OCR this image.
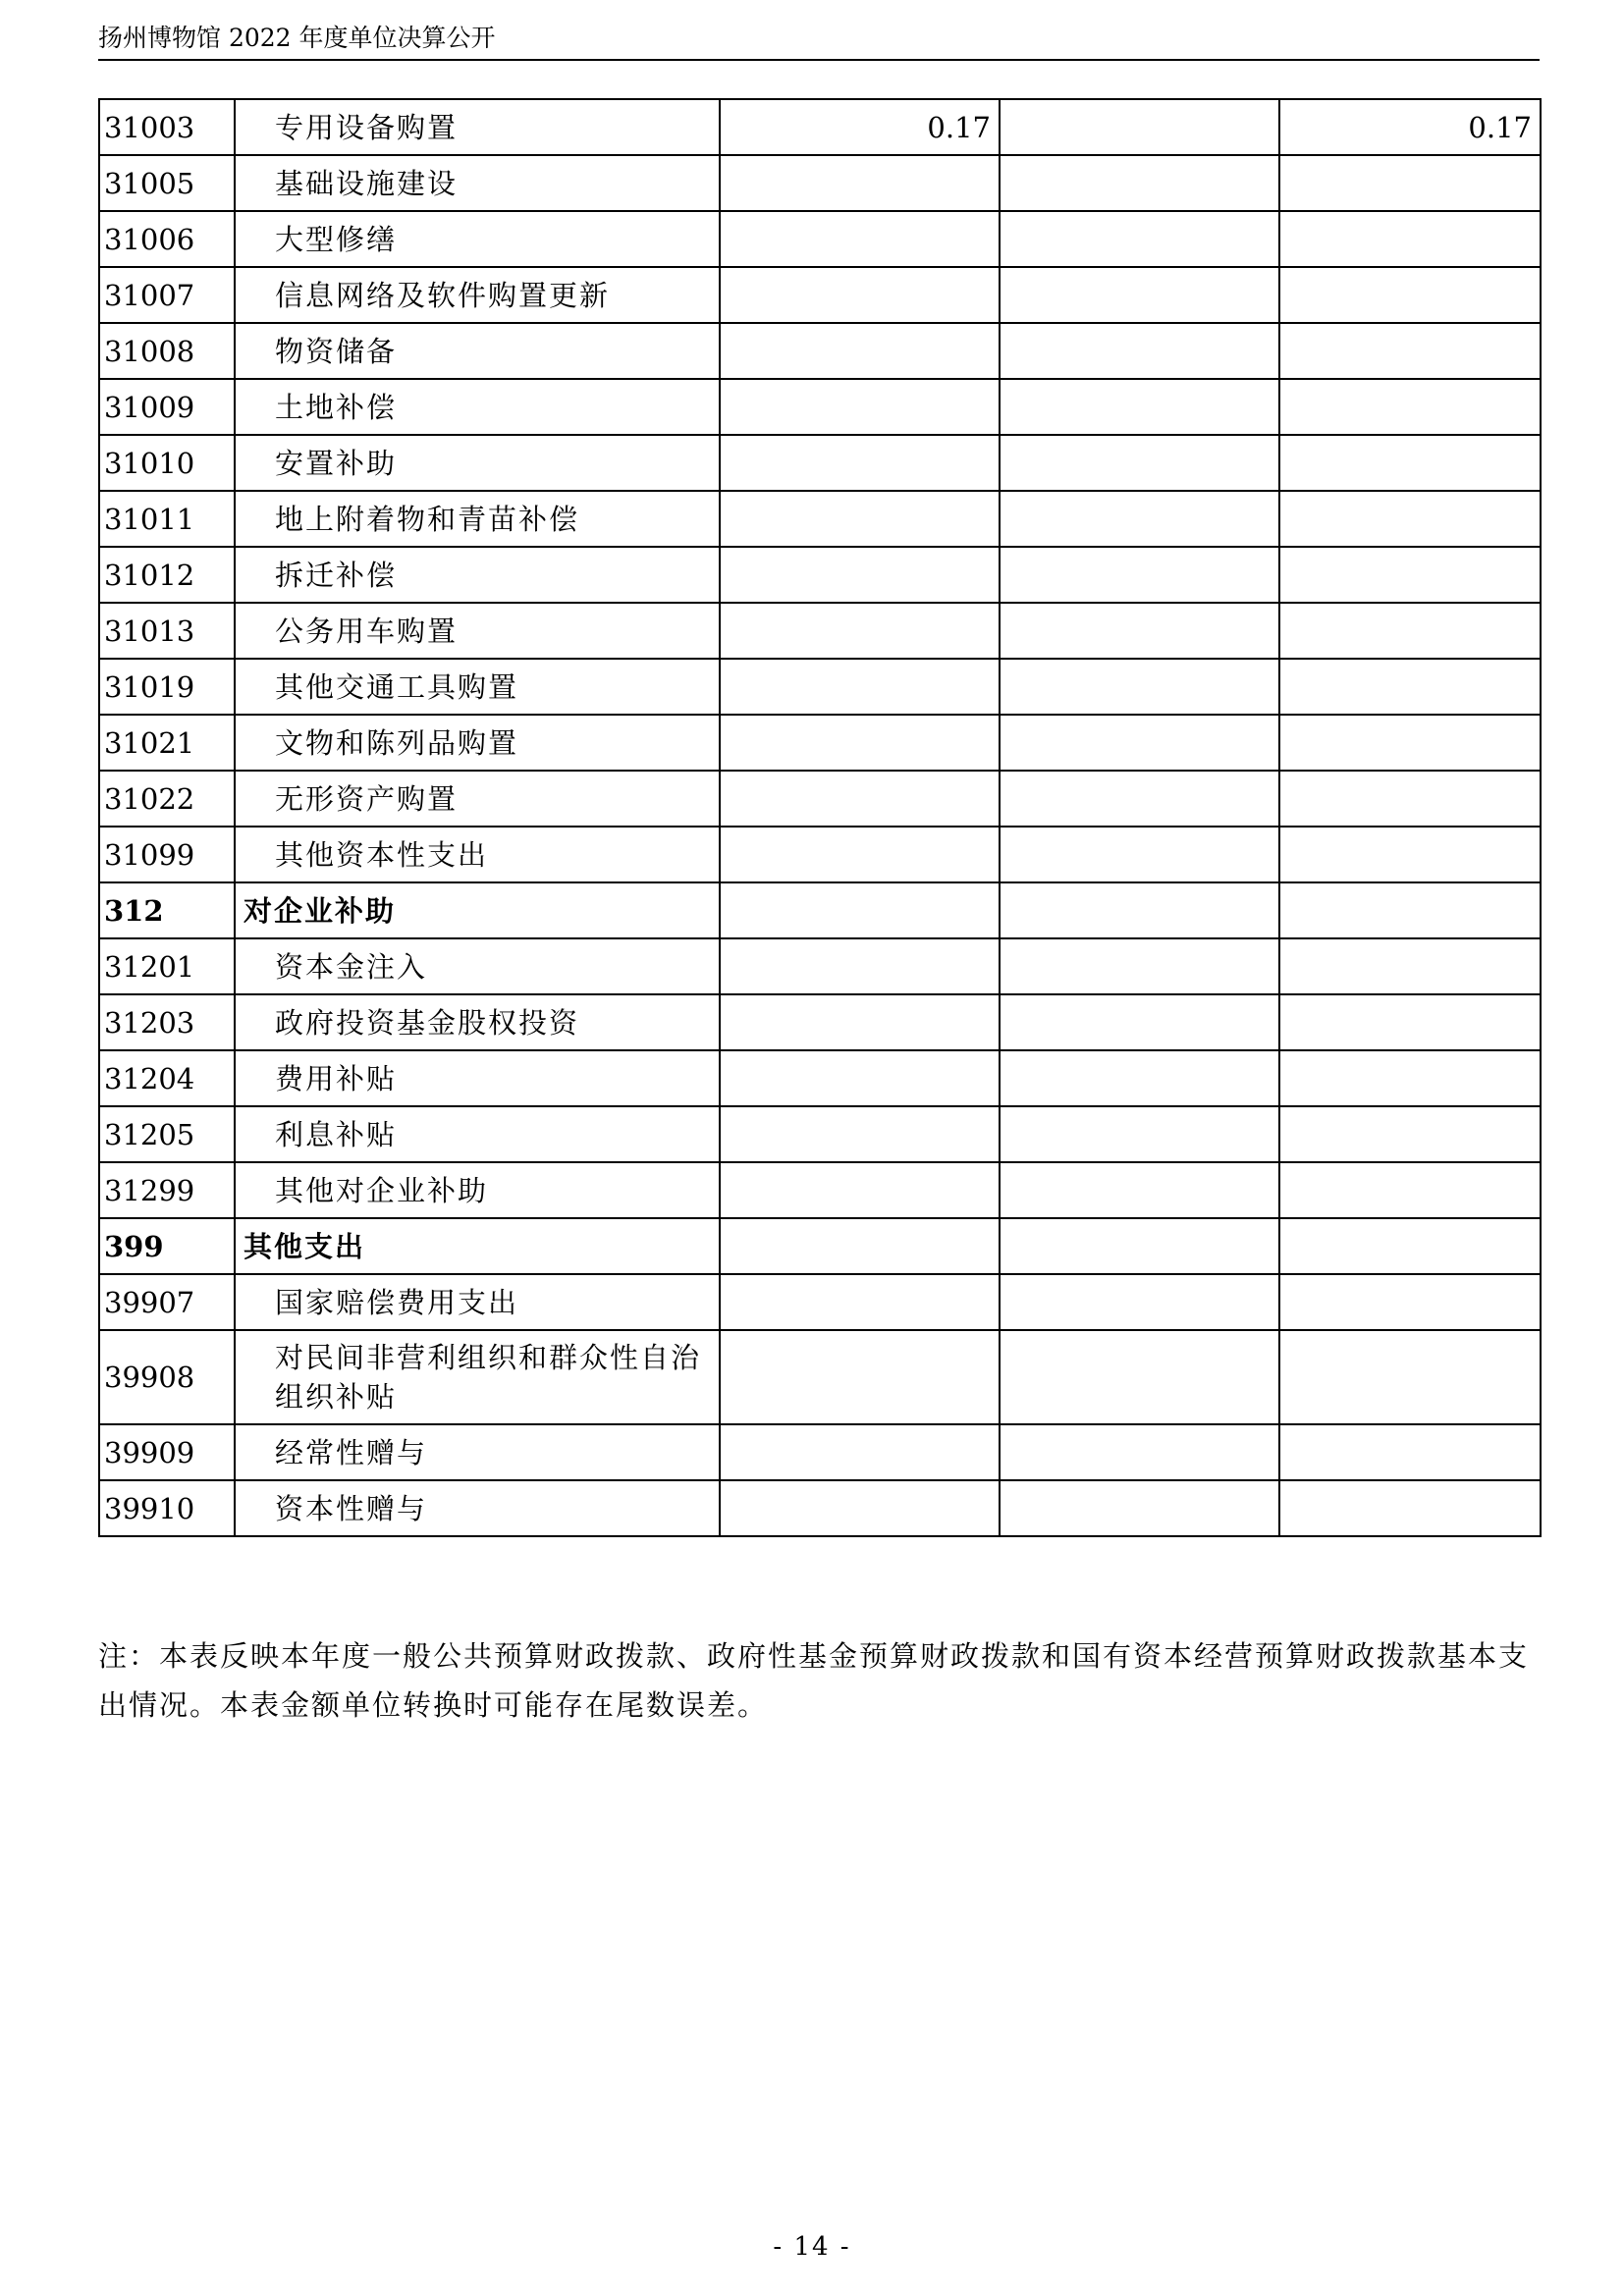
扬州博物馆 2022 年度单位决算公开
31003	专用设备购置	0.17		0.17
31005	基础设施建设			
31006	大型修缮			
31007	信息网络及软件购置更新			
31008	物资储备			
31009	土地补偿			
31010	安置补助			
31011	地上附着物和青苗补偿			
31012	拆迁补偿			
31013	公务用车购置			
31019	其他交通工具购置			
31021	文物和陈列品购置			
31022	无形资产购置			
31099	其他资本性支出			
312	对企业补助			
31201	资本金注入			
31203	政府投资基金股权投资			
31204	费用补贴			
31205	利息补贴			
31299	其他对企业补助			
399	其他支出			
39907	国家赔偿费用支出			
39908	对民间非营利组织和群众性自治组织补贴			
39909	经常性赠与			
39910	资本性赠与			
注：本表反映本年度一般公共预算财政拨款、政府性基金预算财政拨款和国有资本经营预算财政拨款基本支出情况。本表金额单位转换时可能存在尾数误差。
- 14 -
